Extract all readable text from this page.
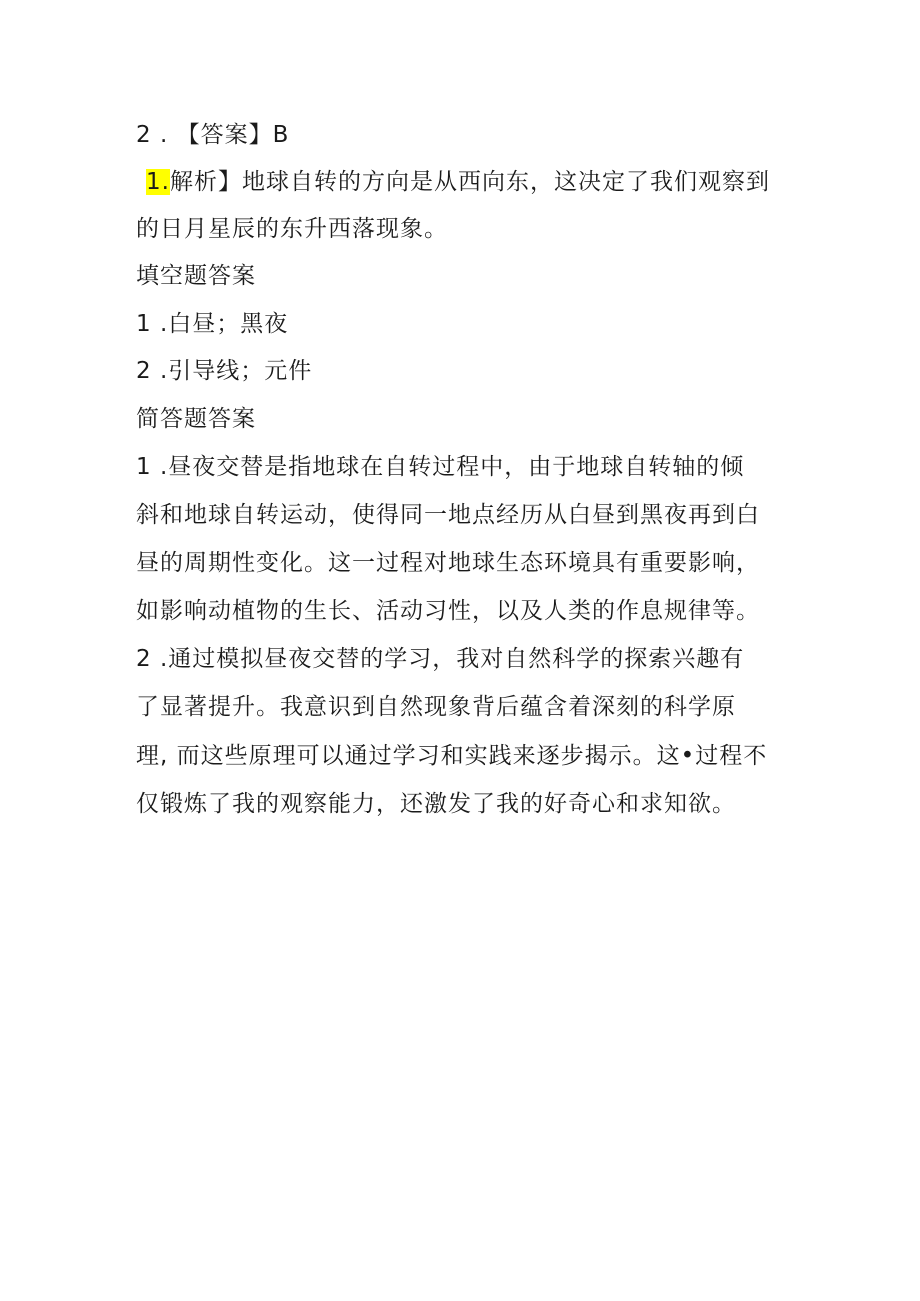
2 . 【答案】B
1.解析】地球自转的方向是从西向东，这决定了我们观察到
的日月星辰的东升西落现象。
填空题答案
1 .白昼；黑夜
2 .引导线；元件
简答题答案
1 .昼夜交替是指地球在自转过程中，由于地球自转轴的倾
斜和地球自转运动，使得同一地点经历从白昼到黑夜再到白
昼的周期性变化。这一过程对地球生态环境具有重要影响，
如影响动植物的生长、活动习性，以及人类的作息规律等。
2 .通过模拟昼夜交替的学习，我对自然科学的探索兴趣有
了显著提升。我意识到自然现象背后蕴含着深刻的科学原
理, 而这些原理可以通过学习和实践来逐步揭示。这•过程不
仅锻炼了我的观察能力，还激发了我的好奇心和求知欲。
